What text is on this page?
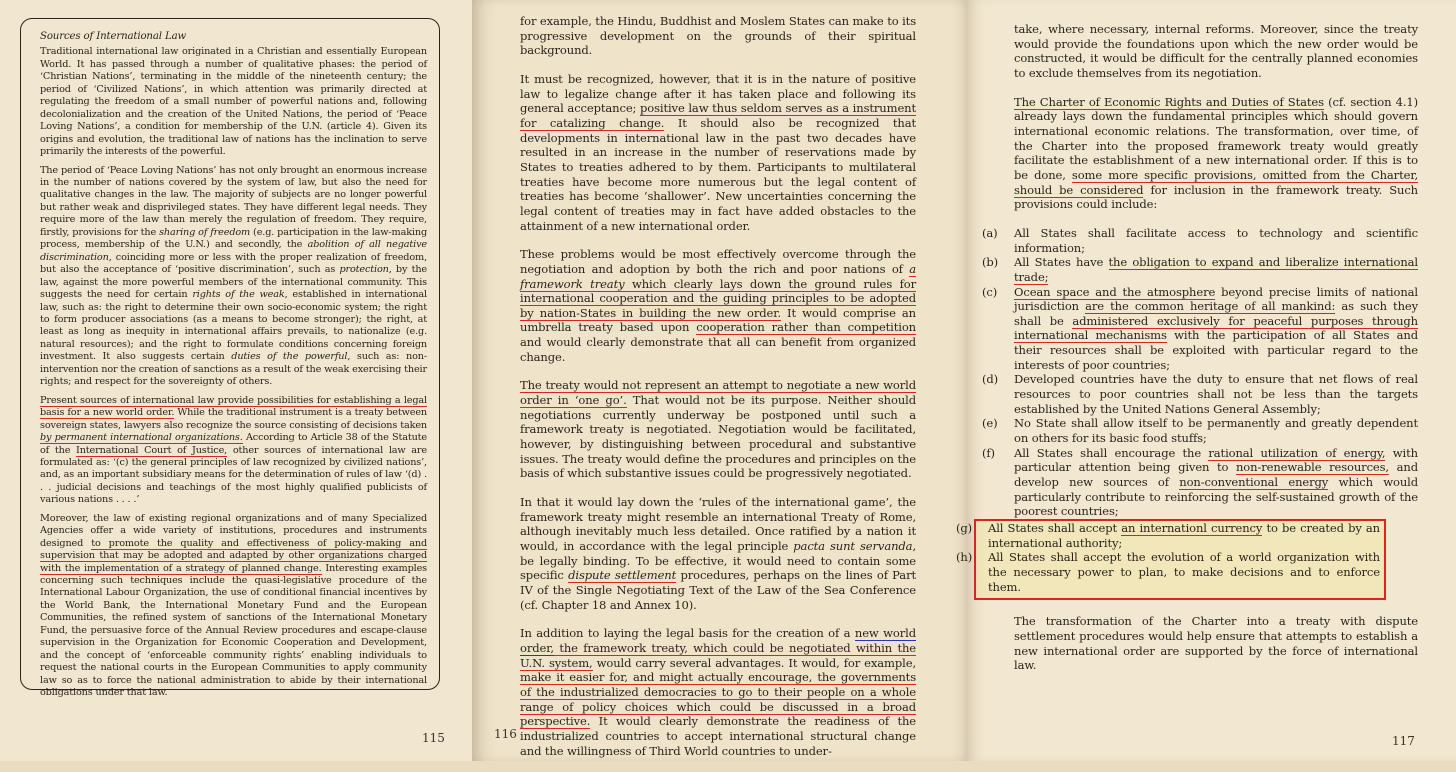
Sources of International Law

Traditional international law originated in a Christian and essentially European World. It has passed through a number of qualitative phases: the period of ‘Christian Nations’, terminating in the middle of the nineteenth century; the period of ‘Civilized Nations’, in which attention was primarily directed at regulating the freedom of a small number of powerful nations and, following decolonialization and the creation of the United Nations, the period of ‘Peace Loving Nations’, a condition for membership of the U.N. (article 4). Given its origins and evolution, the traditional law of nations has the inclination to serve primarily the interests of the powerful.

The period of ‘Peace Loving Nations’ has not only brought an enormous increase in the number of nations covered by the system of law, but also the need for qualitative changes in the law. The majority of subjects are no longer powerful but rather weak and disprivileged states. They have different legal needs. They require more of the law than merely the regulation of freedom. They require, firstly, provisions for the sharing of freedom (e.g. participation in the law-making process, membership of the U.N.) and secondly, the abolition of all negative discrimination, coinciding more or less with the proper realization of freedom, but also the acceptance of ‘positive discrimination’, such as protection, by the law, against the more powerful members of the international community. This suggests the need for certain rights of the weak, established in international law, such as: the right to determine their own socio-economic system; the right to form producer associations (as a means to become stronger); the right, at least as long as inequity in international affairs prevails, to nationalize (e.g. natural resources); and the right to formulate conditions concerning foreign investment. It also suggests certain duties of the powerful, such as: non-intervention nor the creation of sanctions as a result of the weak exercising their rights; and respect for the sovereignty of others.

Present sources of international law provide possibilities for establishing a legal basis for a new world order. While the traditional instrument is a treaty between sovereign states, lawyers also recognize the source consisting of decisions taken by permanent international organizations. According to Article 38 of the Statute of the International Court of Justice, other sources of international law are formulated as: ‘(c) the general principles of law recognized by civilized nations’, and, as an important subsidiary means for the determination of rules of law ‘(d) . . . judicial decisions and teachings of the most highly qualified publicists of various nations . . . .’

Moreover, the law of existing regional organizations and of many Specialized Agencies offer a wide variety of institutions, procedures and instruments designed to promote the quality and effectiveness of policy-making and supervision that may be adopted and adapted by other organizations charged with the implementation of a strategy of planned change. Interesting examples concerning such techniques include the quasi-legislative procedure of the International Labour Organization, the use of conditional financial incentives by the World Bank, the International Monetary Fund and the European Communities, the refined system of sanctions of the International Monetary Fund, the persuasive force of the Annual Review procedures and escape-clause supervision in the Organization for Economic Cooperation and Development, and the concept of ‘enforceable community rights’ enabling individuals to request the national courts in the European Communities to apply community law so as to force the national administration to abide by their international obligations under that law.

115

for example, the Hindu, Buddhist and Moslem States can make to its progressive development on the grounds of their spiritual background.

It must be recognized, however, that it is in the nature of positive law to legalize change after it has taken place and following its general acceptance; positive law thus seldom serves as a instrument for catalizing change. It should also be recognized that developments in international law in the past two decades have resulted in an increase in the number of reservations made by States to treaties adhered to by them. Participants to multilateral treaties have become more numerous but the legal content of treaties has become ‘shallower’. New uncertainties concerning the legal content of treaties may in fact have added obstacles to the attainment of a new international order.

These problems would be most effectively overcome through the negotiation and adoption by both the rich and poor nations of a framework treaty which clearly lays down the ground rules for international cooperation and the guiding principles to be adopted by nation-States in building the new order. It would comprise an umbrella treaty based upon cooperation rather than competition and would clearly demonstrate that all can benefit from organized change.

The treaty would not represent an attempt to negotiate a new world order in ‘one go’. That would not be its purpose. Neither should negotiations currently underway be postponed until such a framework treaty is negotiated. Negotiation would be facilitated, however, by distinguishing between procedural and substantive issues. The treaty would define the procedures and principles on the basis of which substantive issues could be progressively negotiated.

In that it would lay down the ‘rules of the international game’, the framework treaty might resemble an international Treaty of Rome, although inevitably much less detailed. Once ratified by a nation it would, in accordance with the legal principle pacta sunt servanda, be legally binding. To be effective, it would need to contain some specific dispute settlement procedures, perhaps on the lines of Part IV of the Single Negotiating Text of the Law of the Sea Conference (cf. Chapter 18 and Annex 10).

In addition to laying the legal basis for the creation of a new world order, the framework treaty, which could be negotiated within the U.N. system, would carry several advantages. It would, for example, make it easier for, and might actually encourage, the governments of the industrialized democracies to go to their people on a whole range of policy choices which could be discussed in a broad perspective. It would clearly demonstrate the readiness of the industrialized countries to accept international structural change and the willingness of Third World countries to under-

116

take, where necessary, internal reforms. Moreover, since the treaty would provide the foundations upon which the new order would be constructed, it would be difficult for the centrally planned economies to exclude themselves from its negotiation.

The Charter of Economic Rights and Duties of States (cf. section 4.1) already lays down the fundamental principles which should govern international economic relations. The transformation, over time, of the Charter into the proposed framework treaty would greatly facilitate the establishment of a new international order. If this is to be done, some more specific provisions, omitted from the Charter, should be considered for inclusion in the framework treaty. Such provisions could include:

(a)	All States shall facilitate access to technology and scientific information;
(b)	All States have the obligation to expand and liberalize international trade;
(c)	Ocean space and the atmosphere beyond precise limits of national jurisdiction are the common heritage of all mankind: as such they shall be administered exclusively for peaceful purposes through international mechanisms with the participation of all States and their resources shall be exploited with particular regard to the interests of poor countries;
(d)	Developed countries have the duty to ensure that net flows of real resources to poor countries shall not be less than the targets established by the United Nations General Assembly;
(e)	No State shall allow itself to be permanently and greatly dependent on others for its basic food stuffs;
(f)	All States shall encourage the rational utilization of energy, with particular attention being given to non-renewable resources, and develop new sources of non-conventional energy which would particularly contribute to reinforcing the self-sustained growth of the poorest countries;
(g)	All States shall accept an internationl currency to be created by an international authority;
(h)	All States shall accept the evolution of a world organization with the necessary power to plan, to make decisions and to enforce them.

The transformation of the Charter into a treaty with dispute settlement procedures would help ensure that attempts to establish a new international order are supported by the force of international law.

117
